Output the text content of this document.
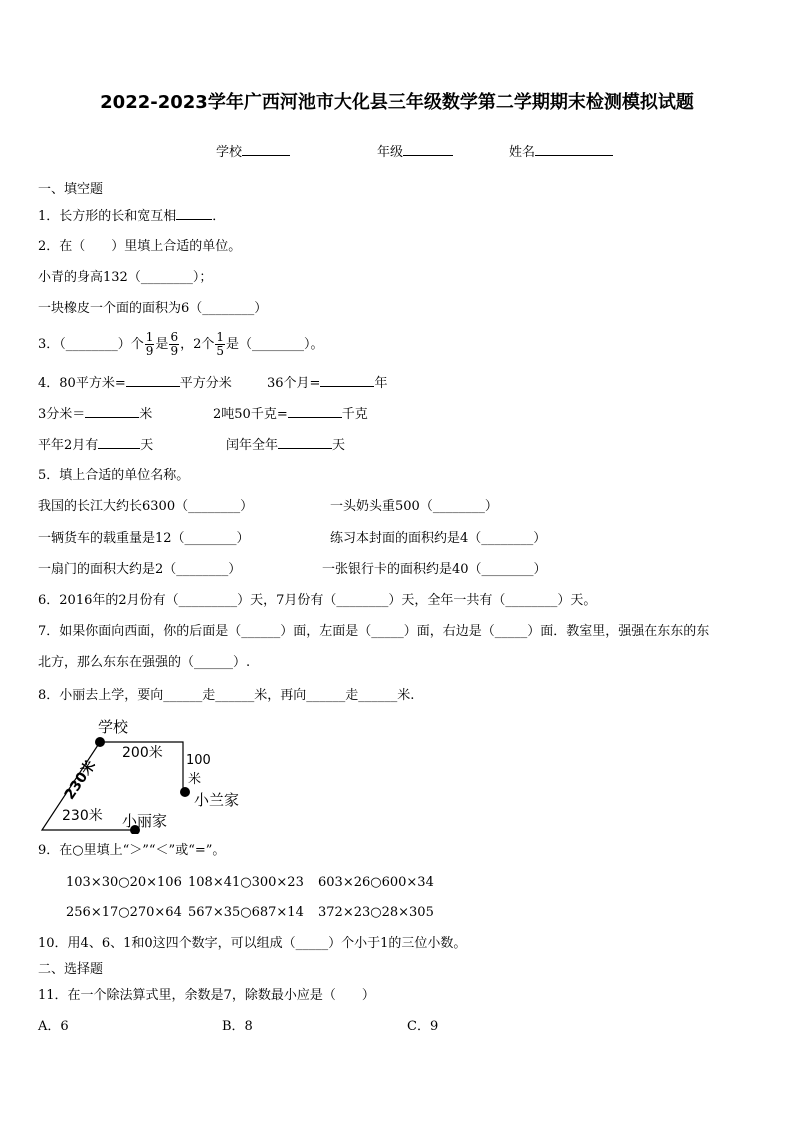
2022-2023学年广西河池市大化县三年级数学第二学期期末检测模拟试题
学校	年级	姓名
一、填空题
1．长方形的长和宽互相	．
2．在（　　）里填上合适的单位。
小青的身高132（________）；
一块橡皮一个面的面积为6（________）
3．（________）个 $\frac{1}{9}$ 是 $\frac{6}{9}$ ，2个 $\frac{1}{5}$ 是（________）。
4．80平方米=	平方分米	36个月=	年
3分米＝	米	2吨50千克=	千克
平年2月有	天	闰年全年	天
5．填上合适的单位名称。
我国的长江大约长6300（________）	一头奶头重500（________）
一辆货车的载重量是12（________）	练习本封面的面积约是4（________）
一扇门的面积大约是2（________）	一张银行卡的面积约是40（________）
6．2016年的2月份有（_________）天，7月份有（________）天，全年一共有（________）天。
7．如果你面向西面，你的后面是（______）面，左面是（_____）面，右边是（_____）面．教室里，强强在东东的东
北方，那么东东在强强的（______）.
8．小丽去上学，要向______走______米，再向______走______米.
学校
200米 100
米
230米
230米
小兰家
小丽家
9．在○里填上“＞”“＜”或“=”。
103×30○20×106 108×41○300×23 603×26○600×34
256×17○270×64 567×35○687×14 372×23○28×305
10．用4、6、1和0这四个数字，可以组成（_____）个小于1的三位小数。
二、选择题
11．在一个除法算式里，余数是7，除数最小应是（　　）
A．6	B．8	C．9
